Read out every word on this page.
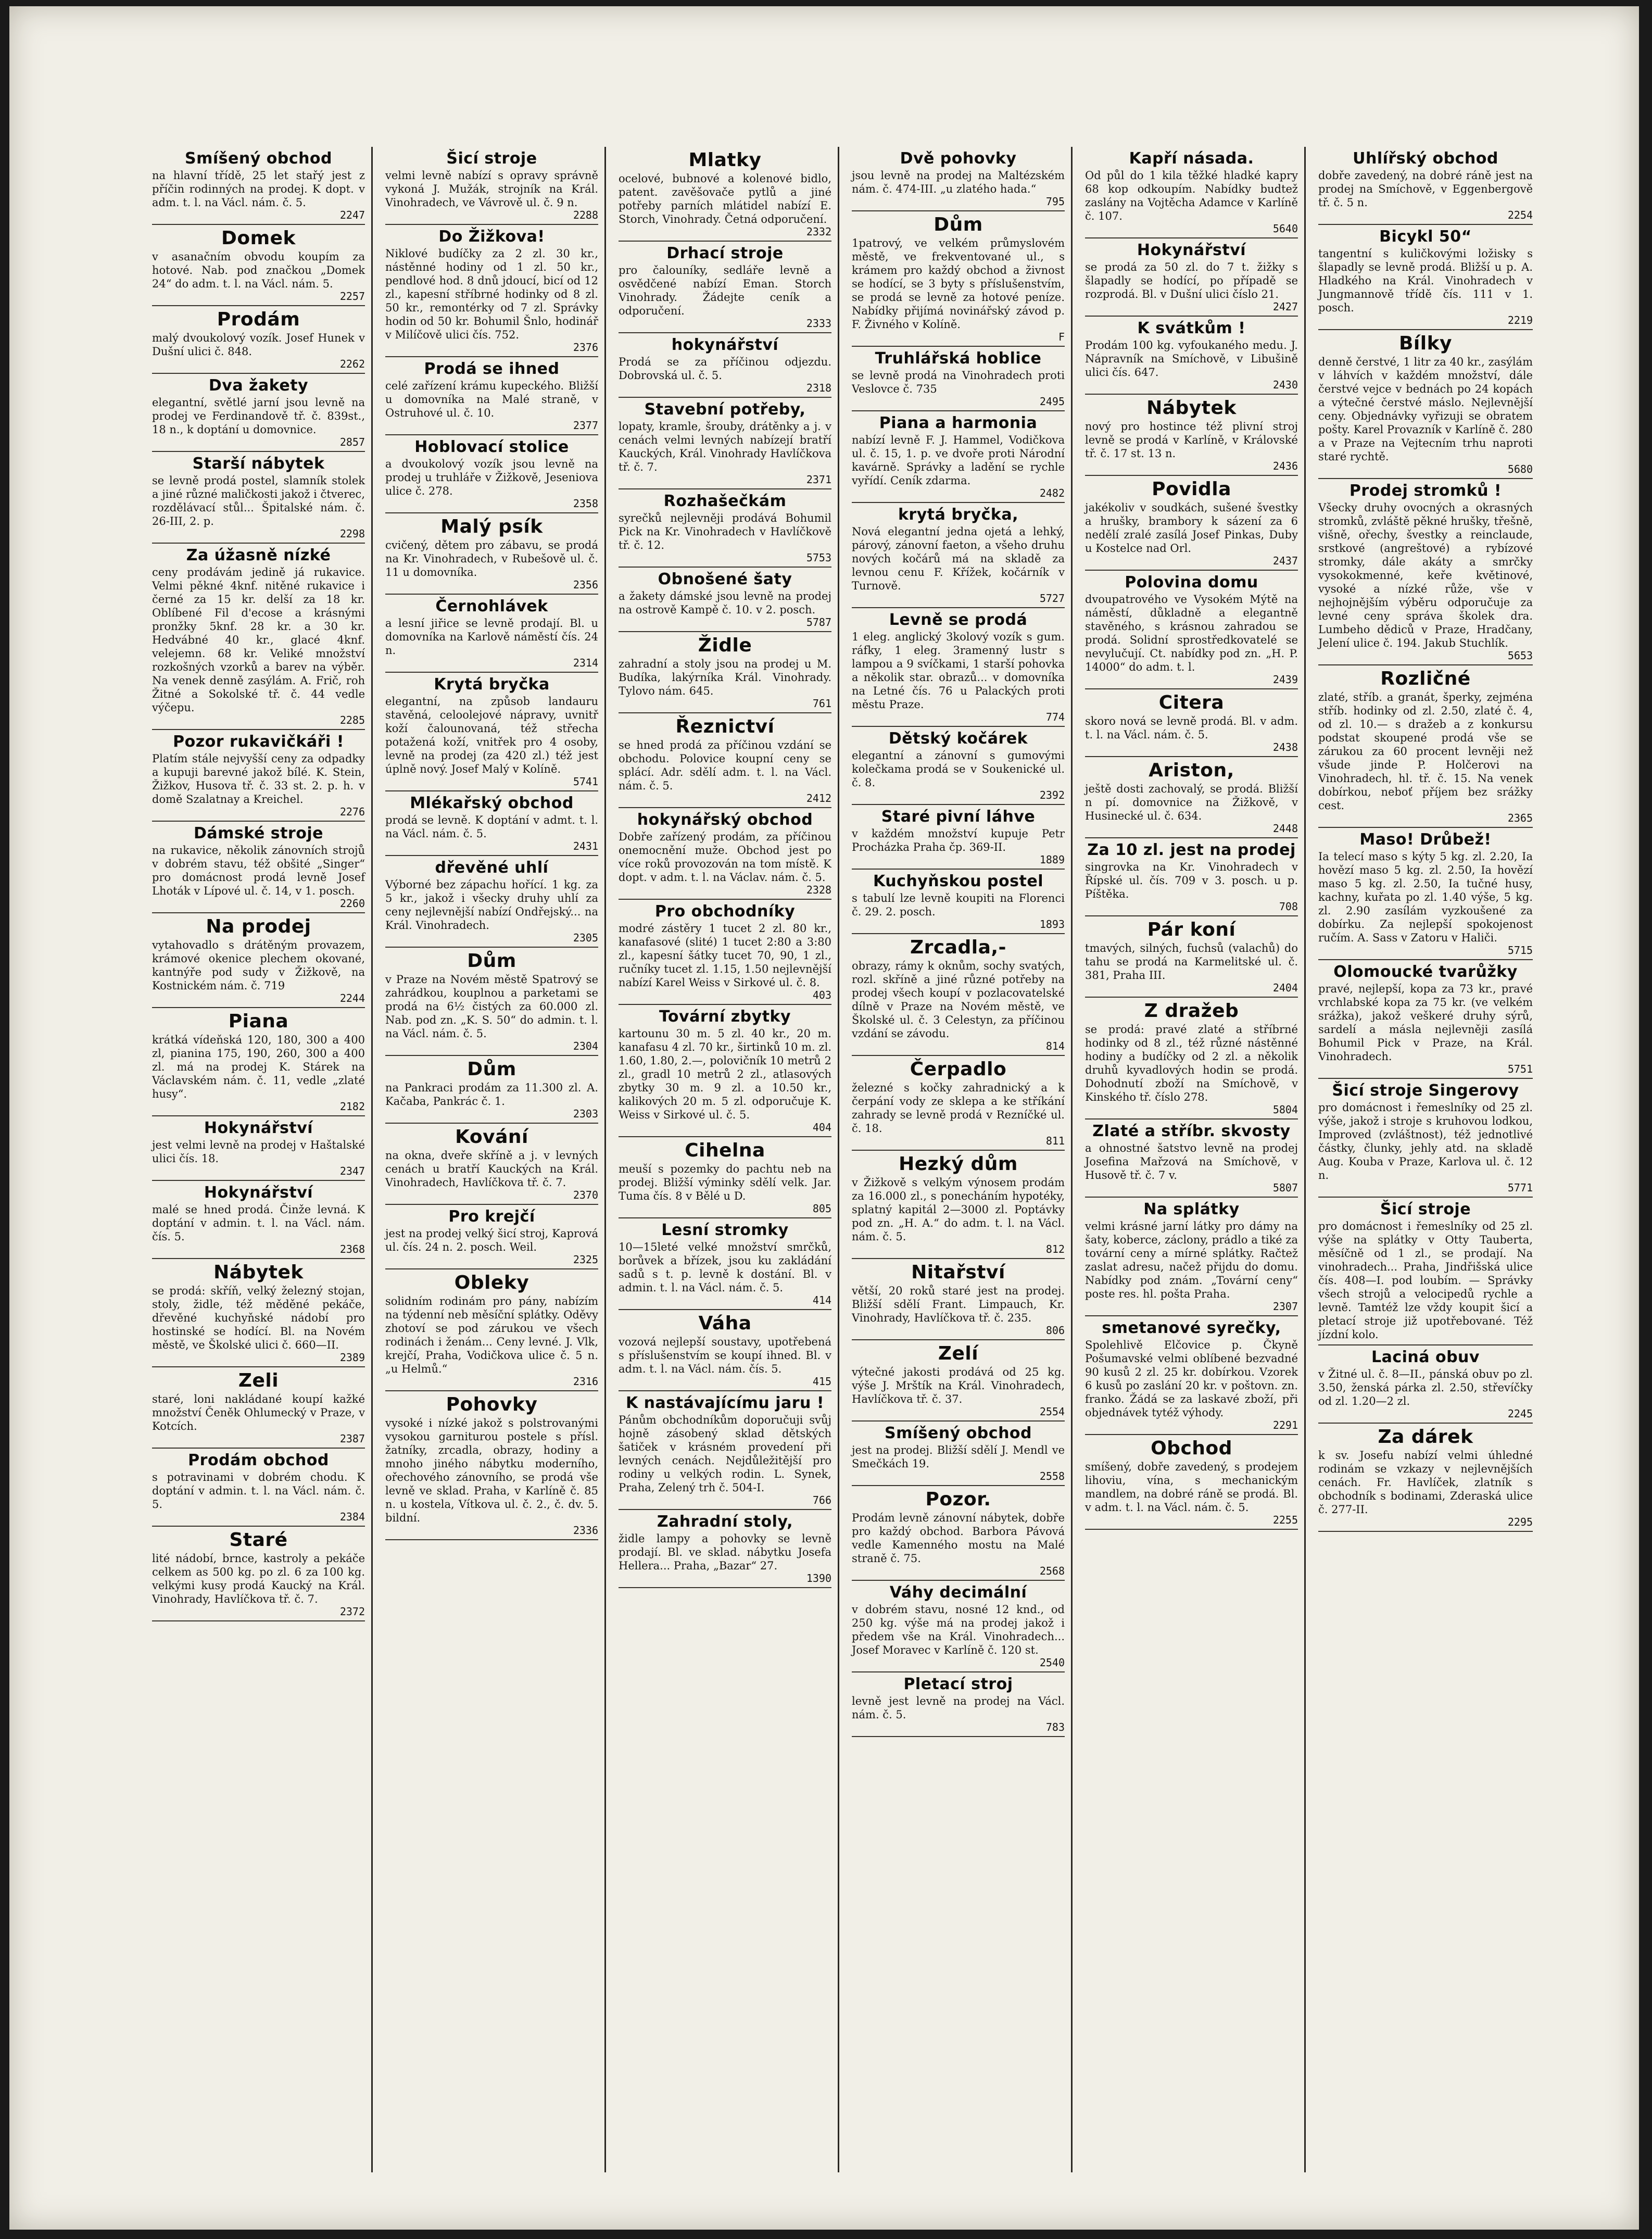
Smíšený obchod
na hlavní třídě, 25 let stařý jest z příčin rodinných na prodej. K dopt. v adm. t. l. na Václ. nám. č. 5.
2247
Domek
v asanačním obvodu koupím za hotové. Nab. pod značkou „Domek 24“ do adm. t. l. na Václ. nám. 5.
2257
Prodám
malý dvoukolový vozík. Josef Hunek v Dušní ulici č. 848.
2262
Dva žakety
elegantní, světlé jarní jsou levně na prodej ve Ferdinandově tř. č. 839st., 18 n., k doptání u domovnice.
2857
Starší nábytek
se levně prodá postel, slamník stolek a jiné různé maličkosti jakož i čtverec, rozdělávací stůl... Špitalské nám. č. 26-III, 2. p.
2298
Za úžasně nízké
ceny prodávám jedině já rukavice. Velmi pěkné 4knf. nitěné rukavice i černé za 15 kr. delší za 18 kr. Oblíbené Fil d'ecose a krásnými pronžky 5knf. 28 kr. a 30 kr. Hedvábné 40 kr., glacé 4knf. velejemn. 68 kr. Veliké množství rozkošných vzorků a barev na výběr. Na venek denně zasýlám. A. Frič, roh Žitné a Sokolské tř. č. 44 vedle výčepu.
2285
Pozor rukavičkáři !
Platím stále nejvyšší ceny za odpadky a kupuji barevné jakož bílé. K. Stein, Žižkov, Husova tř. č. 33 st. 2. p. h. v domě Szalatnay a Kreichel.
2276
Dámské stroje
na rukavice, několik zánovních strojů v dobrém stavu, též obšité „Singer“ pro domácnost prodá levně Josef Lhoták v Lípové ul. č. 14, v 1. posch.
2260
Na prodej
vytahovadlo s drátěným provazem, krámové okenice plechem okované, kantnýře pod sudy v Žižkově, na Kostnickém nám. č. 719
2244
Piana
krátká vídeňská 120, 180, 300 a 400 zl, pianina 175, 190, 260, 300 a 400 zl. má na prodej K. Stárek na Václavském nám. č. 11, vedle „zlaté husy“.
2182
Hokynářství
jest velmi levně na prodej v Haštalské ulici čís. 18.
2347
Hokynářství
malé se hned prodá. Činže levná. K doptání v admin. t. l. na Václ. nám. čís. 5.
2368
Nábytek
se prodá: skříň, velký železný stojan, stoly, židle, též měděné pekáče, dřevěné kuchyňské nádobí pro hostinské se hodící. Bl. na Novém městě, ve Školské ulici č. 660—II.
2389
Zeli
staré, loni nakládané koupí kažké množství Čeněk Ohlumecký v Praze, v Kotcích.
2387
Prodám obchod
s potravinami v dobrém chodu. K doptání v admin. t. l. na Václ. nám. č. 5.
2384
Staré
lité nádobí, brnce, kastroly a pekáče celkem as 500 kg. po zl. 6 za 100 kg. velkými kusy prodá Kaucký na Král. Vinohrady, Havlíčkova tř. č. 7.
2372
Šicí stroje
velmi levně nabízí s opravy správně vykoná J. Mužák, strojník na Král. Vinohradech, ve Vávrově ul. č. 9 n.
2288
Do Žižkova!
Niklové budíčky za 2 zl. 30 kr., nástěnné hodiny od 1 zl. 50 kr., pendlové hod. 8 dnů jdoucí, bicí od 12 zl., kapesní stříbrné hodinky od 8 zl. 50 kr., remontérky od 7 zl. Správky hodin od 50 kr. Bohumil Šnlo, hodinář v Milíčově ulici čís. 752.
2376
Prodá se ihned
celé zařízení krámu kupeckého. Bližší u domovníka na Malé straně, v Ostruhové ul. č. 10.
2377
Hoblovací stolice
a dvoukolový vozík jsou levně na prodej u truhláře v Žižkově, Jeseniova ulice č. 278.
2358
Malý psík
cvičený, dětem pro zábavu, se prodá na Kr. Vinohradech, v Rubešově ul. č. 11 u domovníka.
2356
Černohlávek
a lesní jiřice se levně prodají. Bl. u domovníka na Karlově náměstí čís. 24 n.
2314
Krytá bryčka
elegantní, na způsob landauru stavěná, celoolejové nápravy, uvnitř koží čalounovaná, též střecha potažená koží, vnitřek pro 4 osoby, levně na prodej (za 420 zl.) též jest úplně nový. Josef Malý v Kolíně.
5741
Mlékařský obchod
prodá se levně. K doptání v admt. t. l. na Václ. nám. č. 5.
2431
dřevěné uhlí
Výborné bez zápachu hořící. 1 kg. za 5 kr., jakož i všecky druhy uhlí za ceny nejlevnější nabízí Ondřejský... na Král. Vinohradech.
2305
Dům
v Praze na Novém městě Spatrový se zahrádkou, kouplnou a parketami se prodá na 6½ čistých za 60.000 zl. Nab. pod zn. „K. S. 50“ do admin. t. l. na Václ. nám. č. 5.
2304
Dům
na Pankraci prodám za 11.300 zl. A. Kačaba, Pankrác č. 1.
2303
Kování
na okna, dveře skříně a j. v levných cenách u bratří Kauckých na Král. Vinohradech, Havlíčkova tř. č. 7.
2370
Pro krejčí
jest na prodej velký šicí stroj, Kaprová ul. čís. 24 n. 2. posch. Weil.
2325
Obleky
solidním rodinám pro pány, nabízím na týdenní neb měsíční splátky. Oděvy zhotoví se pod zárukou ve všech rodinách i ženám... Ceny levné. J. Vlk, krejčí, Praha, Vodičkova ulice č. 5 n. „u Helmů.“
2316
Pohovky
vysoké i nízké jakož s polstrovanými vysokou garniturou postele s přísl. žatníky, zrcadla, obrazy, hodiny a mnoho jiného nábytku moderního, ořechového zánovního, se prodá vše levně ve sklad. Praha, v Karlíně č. 85 n. u kostela, Vítkova ul. č. 2., č. dv. 5. bildní.
2336
Mlatky
ocelové, bubnové a kolenové bidlo, patent. zavěšovače pytlů a jiné potřeby parních mlátidel nabízí E. Storch, Vinohrady. Četná odporučení.
2332
Drhací stroje
pro čalouníky, sedláře levně a osvědčené nabízí Eman. Storch Vinohrady. Žádejte ceník a odporučení.
2333
hokynářství
Prodá se za příčinou odjezdu. Dobrovská ul. č. 5.
2318
Stavební potřeby,
lopaty, kramle, šrouby, drátěnky a j. v cenách velmi levných nabízejí bratří Kauckých, Král. Vinohrady Havlíčkova tř. č. 7.
2371
Rozhašečkám
syrečků nejlevněji prodává Bohumil Pick na Kr. Vinohradech v Havlíčkově tř. č. 12.
5753
Obnošené šaty
a žakety dámské jsou levně na prodej na ostrově Kampě č. 10. v 2. posch.
5787
Židle
zahradní a stoly jsou na prodej u M. Budíka, lakýrníka Král. Vinohrady. Tylovo nám. 645.
761
Řeznictví
se hned prodá za příčinou vzdání se obchodu. Polovice koupní ceny se splácí. Adr. sdělí adm. t. l. na Václ. nám. č. 5.
2412
hokynářský obchod
Dobře zařízený prodám, za příčinou onemocnění muže. Obchod jest po více roků provozován na tom místě. K dopt. v adm. t. l. na Václav. nám. č. 5.
2328
Pro obchodníky
modré zástěry 1 tucet 2 zl. 80 kr., kanafasové (slité) 1 tucet 2:80 a 3:80 zl., kapesní šátky tucet 70, 90, 1 zl., ručníky tucet zl. 1.15, 1.50 nejlevnější nabízí Karel Weiss v Sirkové ul. č. 8.
403
Tovární zbytky
kartounu 30 m. 5 zl. 40 kr., 20 m. kanafasu 4 zl. 70 kr., širtinků 10 m. zl. 1.60, 1.80, 2.—, polovičník 10 metrů 2 zl., gradl 10 metrů 2 zl., atlasových zbytky 30 m. 9 zl. a 10.50 kr., kalikových 20 m. 5 zl. odporučuje K. Weiss v Sirkové ul. č. 5.
404
Cihelna
meuší s pozemky do pachtu neb na prodej. Bližší výminky sdělí velk. Jar. Tuma čís. 8 v Bělé u D.
805
Lesní stromky
10—15leté velké množství smrčků, borůvek a břízek, jsou ku zakládání sadů s t. p. levně k dostání. Bl. v admin. t. l. na Václ. nám. č. 5.
414
Váha
vozová nejlepší soustavy, upotřebená s příslušenstvím se koupí ihned. Bl. v adm. t. l. na Václ. nám. čís. 5.
415
K nastávajícímu jaru !
Pánům obchodníkům doporučuji svůj hojně zásobený sklad dětských šatiček v krásném provedení při levných cenách. Nejdůležitější pro rodiny u velkých rodin. L. Synek, Praha, Zelený trh č. 504-I.
766
Zahradní stoly,
židle lampy a pohovky se levně prodají. Bl. ve sklad. nábytku Josefa Hellera... Praha, „Bazar“ 27.
1390
Dvě pohovky
jsou levně na prodej na Maltézském nám. č. 474-III. „u zlatého hada.“
795
Dům
1patrový, ve velkém průmyslovém městě, ve frekventované ul., s krámem pro každý obchod a živnost se hodící, se 3 byty s příslušenstvím, se prodá se levně za hotové peníze. Nabídky přijímá novinářský závod p. F. Živného v Kolíně.
F
Truhlářská hoblice
se levně prodá na Vinohradech proti Veslovce č. 735
2495
Piana a harmonia
nabízí levně F. J. Hammel, Vodičkova ul. č. 15, 1. p. ve dvoře proti Národní kavárně. Správky a ladění se rychle vyřídí. Ceník zdarma.
2482
krytá bryčka,
Nová elegantní jedna ojetá a lehký, párový, zánovní faeton, a všeho druhu nových kočárů má na skladě za levnou cenu F. Křížek, kočárník v Turnově.
5727
Levně se prodá
1 eleg. anglický 3kolový vozík s gum. ráfky, 1 eleg. 3ramenný lustr s lampou a 9 svíčkami, 1 starší pohovka a několik star. obrazů... v domovníka na Letné čís. 76 u Palackých proti městu Praze.
774
Dětský kočárek
elegantní a zánovní s gumovými kolečkama prodá se v Soukenické ul. č. 8.
2392
Staré pivní láhve
v každém množství kupuje Petr Procházka Praha čp. 369-II.
1889
Kuchyňskou postel
s tabulí lze levně koupiti na Florenci č. 29. 2. posch.
1893
Zrcadla,-
obrazy, rámy k oknům, sochy svatých, rozl. skříně a jiné různé potřeby na prodej všech koupí v pozlacovatelské dílně v Praze na Novém městě, ve Školské ul. č. 3 Celestyn, za příčinou vzdání se závodu.
814
Čerpadlo
železné s kočky zahradnický a k čerpání vody ze sklepa a ke stříkání zahrady se levně prodá v Rezníčké ul. č. 18.
811
Hezký dům
v Žižkově s velkým výnosem prodám za 16.000 zl., s ponecháním hypotéky, splatný kapitál 2—3000 zl. Poptávky pod zn. „H. A.“ do adm. t. l. na Václ. nám. č. 5.
812
Nitařství
větší, 20 roků staré jest na prodej. Bližší sdělí Frant. Limpauch, Kr. Vinohrady, Havlíčkova tř. č. 235.
806
Zelí
výtečné jakosti prodává od 25 kg. výše J. Mrštík na Král. Vinohradech, Havlíčkova tř. č. 37.
2554
Smíšený obchod
jest na prodej. Bližší sdělí J. Mendl ve Smečkách 19.
2558
Pozor.
Prodám levně zánovní nábytek, dobře pro každý obchod. Barbora Pávová vedle Kamenného mostu na Malé straně č. 75.
2568
Váhy decimální
v dobrém stavu, nosné 12 knd., od 250 kg. výše má na prodej jakož i předem vše na Král. Vinohradech... Josef Moravec v Karlíně č. 120 st.
2540
Pletací stroj
levně jest levně na prodej na Václ. nám. č. 5.
783
Kapří násada.
Od půl do 1 kila těžké hladké kapry 68 kop odkoupím. Nabídky budtež zaslány na Vojtěcha Adamce v Karlíně č. 107.
5640
Hokynářství
se prodá za 50 zl. do 7 t. žižky s šlapadly se hodící, po případě se rozprodá. Bl. v Dušní ulici číslo 21.
2427
K svátkům !
Prodám 100 kg. vyfoukaného medu. J. Nápravník na Smíchově, v Libušině ulici čís. 647.
2430
Nábytek
nový pro hostince též plivní stroj levně se prodá v Karlíně, v Královské tř. č. 17 st. 13 n.
2436
Povidla
jakékoliv v soudkách, sušené švestky a hrušky, brambory k sázení za 6 nedělí zralé zasílá Josef Pinkas, Duby u Kostelce nad Orl.
2437
Polovina domu
dvoupatrového ve Vysokém Mýtě na náměstí, důkladně a elegantně stavěného, s krásnou zahradou se prodá. Solidní sprostředkovatelé se nevylučují. Ct. nabídky pod zn. „H. P. 14000“ do adm. t. l.
2439
Citera
skoro nová se levně prodá. Bl. v adm. t. l. na Václ. nám. č. 5.
2438
Ariston,
ještě dosti zachovalý, se prodá. Bližší n pí. domovnice na Žižkově, v Husinecké ul. č. 634.
2448
Za 10 zl. jest na prodej
singrovka na Kr. Vinohradech v Řípské ul. čís. 709 v 3. posch. u p. Píštěka.
708
Pár koní
tmavých, silných, fuchsů (valachů) do tahu se prodá na Karmelitské ul. č. 381, Praha III.
2404
Z dražeb
se prodá: pravé zlaté a stříbrné hodinky od 8 zl., též různé nástěnné hodiny a budíčky od 2 zl. a několik druhů kyvadlových hodin se prodá. Dohodnutí zboží na Smíchově, v Kinského tř. číslo 278.
5804
Zlaté a stříbr. skvosty
a ohnostné šatstvo levně na prodej Josefina Mařzová na Smíchově, v Husově tř. č. 7 v.
5807
Na splátky
velmi krásné jarní látky pro dámy na šaty, koberce, záclony, prádlo a tiké za tovární ceny a mírné splátky. Račtež zaslat adresu, načež přijdu do domu. Nabídky pod znám. „Tovární ceny“ poste res. hl. pošta Praha.
2307
smetanové syrečky,
Spolehlivě Elčovice p. Čkyně Pošumavské velmi oblíbené bezvadné 90 kusů 2 zl. 25 kr. dobírkou. Vzorek 6 kusů po zaslání 20 kr. v poštovn. zn. franko. Žádá se za laskavé zboží, při objednávek tytéž výhody.
2291
Obchod
smíšený, dobře zavedený, s prodejem lihoviu, vína, s mechanickým mandlem, na dobré ráně se prodá. Bl. v adm. t. l. na Václ. nám. č. 5.
2255
Uhlířský obchod
dobře zavedený, na dobré ráně jest na prodej na Smíchově, v Eggenbergově tř. č. 5 n.
2254
Bicykl 50“
tangentní s kuličkovými ložisky s šlapadly se levně prodá. Bližší u p. A. Hladkého na Král. Vinohradech v Jungmannově třídě čís. 111 v 1. posch.
2219
Bílky
denně čerstvé, 1 litr za 40 kr., zasýlám v láhvích v každém množství, dále čerstvé vejce v bednách po 24 kopách a výtečné čerstvé máslo. Nejlevnější ceny. Objednávky vyřizuji se obratem pošty. Karel Provazník v Karlíně č. 280 a v Praze na Vejtecním trhu naproti staré rychtě.
5680
Prodej stromků !
Všecky druhy ovocných a okrasných stromků, zvláště pěkné hrušky, třešně, višně, ořechy, švestky a reinclaude, srstkové (angreštové) a rybízové stromky, dále akáty a smrčky vysokokmenné, keře květinové, vysoké a nízké růže, vše v nejhojnějším výběru odporučuje za levné ceny správa školek dra. Lumbeho dědiců v Praze, Hradčany, Jelení ulice č. 194. Jakub Stuchlík.
5653
Rozličné
zlaté, stříb. a granát, šperky, zejména stříb. hodinky od zl. 2.50, zlaté č. 4, od zl. 10.— s dražeb a z konkursu podstat skoupené prodá vše se zárukou za 60 procent levněji než všude jinde P. Holčerovi na Vinohradech, hl. tř. č. 15. Na venek dobírkou, neboť příjem bez srážky cest.
2365
Maso! Drůbež!
Ia telecí maso s kýty 5 kg. zl. 2.20, Ia hovězí maso 5 kg. zl. 2.50, Ia hovězí maso 5 kg. zl. 2.50, Ia tučné husy, kachny, kuřata po zl. 1.40 výše, 5 kg. zl. 2.90 zasílám vyzkoušené za dobírku. Za nejlepší spokojenost ručím. A. Sass v Zatoru v Haliči.
5715
Olomoucké tvarůžky
pravé, nejlepší, kopa za 73 kr., pravé vrchlabské kopa za 75 kr. (ve velkém srážka), jakož veškeré druhy sýrů, sardelí a másla nejlevněji zasílá Bohumil Pick v Praze, na Král. Vinohradech.
5751
Šicí stroje Singerovy
pro domácnost i řemeslníky od 25 zl. výše, jakož i stroje s kruhovou lodkou, Improved (zvláštnost), též jednotlivé částky, člunky, jehly atd. na skladě Aug. Kouba v Praze, Karlova ul. č. 12 n.
5771
Šicí stroje
pro domácnost i řemeslníky od 25 zl. výše na splátky v Otty Tauberta, měsíčně od 1 zl., se prodají. Na vinohradech... Praha, Jindřišská ulice čís. 408—I. pod loubím. — Správky všech strojů a velocipedů rychle a levně. Tamtéž lze vždy koupit šicí a pletací stroje již upotřebované. Též jízdní kolo.
Laciná obuv
v Žitné ul. č. 8—II., pánská obuv po zl. 3.50, ženská párka zl. 2.50, střevíčky od zl. 1.20—2 zl.
2245
Za dárek
k sv. Josefu nabízí velmi úhledné rodinám se vzkazy v nejlevnějších cenách. Fr. Havlíček, zlatník s obchodník s bodinami, Zderaská ulice č. 277-II.
2295
